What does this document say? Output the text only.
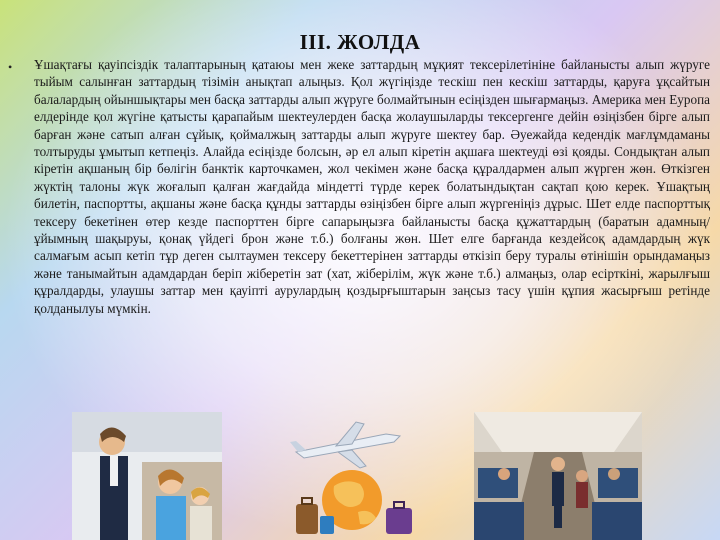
III. ЖОЛДА
• Ұшақтағы қауіпсіздік талаптарының қатаюы мен жеке заттардың мұқият тексерілетініне байланысты алып жүруге тыйым салынған заттардың тізімін анықтап алыңыз. Қол жүгіңізде тескіш пен кескіш заттарды, қаруға ұқсайтын балалардың ойыншықтары мен басқа заттарды алып жүруге болмайтынын есіңізден шығармаңыз. Америка мен Еуропа елдерінде қол жүгіне қатысты қарапайым шектеулерден басқа жолаушыларды тексергенге дейін өзіңізбен бірге алып барған және сатып алған сұйық, қоймалжың заттарды алып жүруге шектеу бар. Әуежайда кедендік мағлұмдаманы толтыруды ұмытып кетпеңіз. Алайда есіңізде болсын, әр ел алып кіретін ақшаға шектеуді өзі қояды. Сондықтан алып кіретін ақшаның бір бөлігін банктік карточкамен, жол чекімен және басқа құралдармен алып жүрген жөн. Өткізген жүктің талоны жүк жоғалып қалған жағдайда міндетті түрде керек болатындықтан сақтап қою керек. Ұшақтың билетін, паспортты, ақшаны және басқа құнды заттарды өзіңізбен бірге алып жүргеніңіз дұрыс. Шет елде паспорттық тексеру бекетінен өтер кезде паспорттен бірге сапарыңызға байланысты басқа құжаттардың (баратын адамның/ұйымның шақыруы, қонақ үйдегі брон және т.б.) болғаны жөн. Шет елге барғанда кездейсоқ адамдардың жүк салмағым асып кетіп тұр деген сылтаумен тексеру бекеттерінен заттарды өткізіп беру туралы өтінішін орындамаңыз және танымайтын адамдардан беріп жіберетін зат (хат, жіберілім, жүк және т.б.) алмаңыз, олар есірткіні, жарылғыш құралдарды, улаушы заттар мен қауіпті аурулардың қоздырғыштарын заңсыз тасу үшін құпия жасырғыш ретінде қолданылуы мүмкін.
